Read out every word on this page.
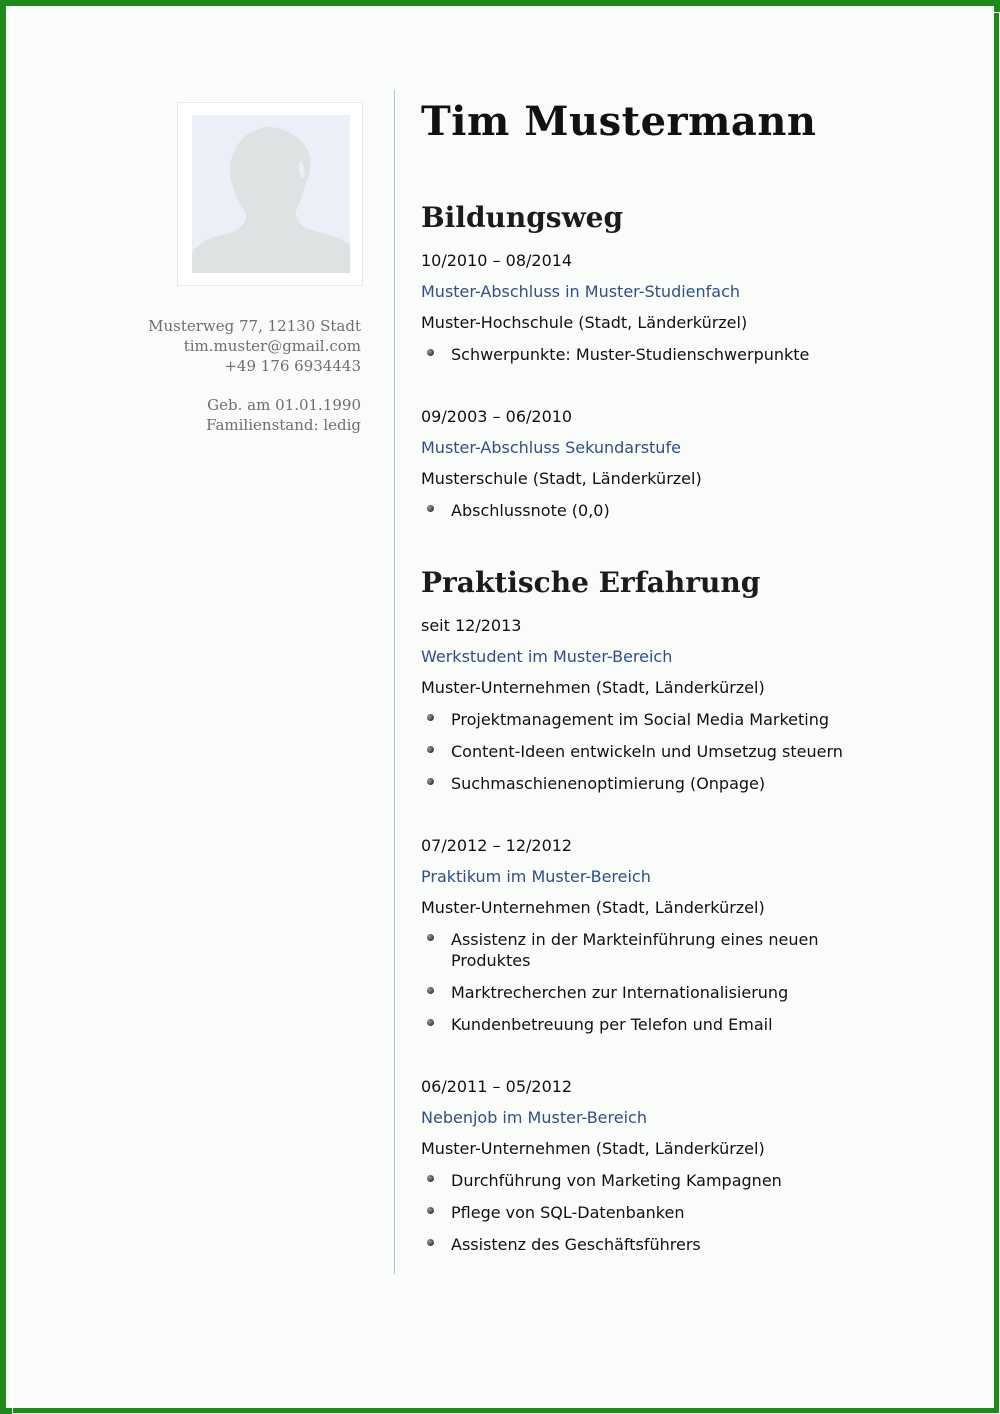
Musterweg 77, 12130 Stadt
tim.muster@gmail.com
+49 176 6934443
Geb. am 01.01.1990
Familienstand: ledig
Tim Mustermann
Bildungsweg
10/2010 – 08/2014
Muster-Abschluss in Muster-Studienfach
Muster-Hochschule (Stadt, Länderkürzel)
Schwerpunkte: Muster-Studienschwerpunkte
09/2003 – 06/2010
Muster-Abschluss Sekundarstufe
Musterschule (Stadt, Länderkürzel)
Abschlussnote (0,0)
Praktische Erfahrung
seit 12/2013
Werkstudent im Muster-Bereich
Muster-Unternehmen (Stadt, Länderkürzel)
Projektmanagement im Social Media Marketing
Content-Ideen entwickeln und Umsetzug steuern
Suchmaschienenoptimierung (Onpage)
07/2012 – 12/2012
Praktikum im Muster-Bereich
Muster-Unternehmen (Stadt, Länderkürzel)
Assistenz in der Markteinführung eines neuen Produktes
Marktrecherchen zur Internationalisierung
Kundenbetreuung per Telefon und Email
06/2011 – 05/2012
Nebenjob im Muster-Bereich
Muster-Unternehmen (Stadt, Länderkürzel)
Durchführung von Marketing Kampagnen
Pflege von SQL-Datenbanken
Assistenz des Geschäftsführers
